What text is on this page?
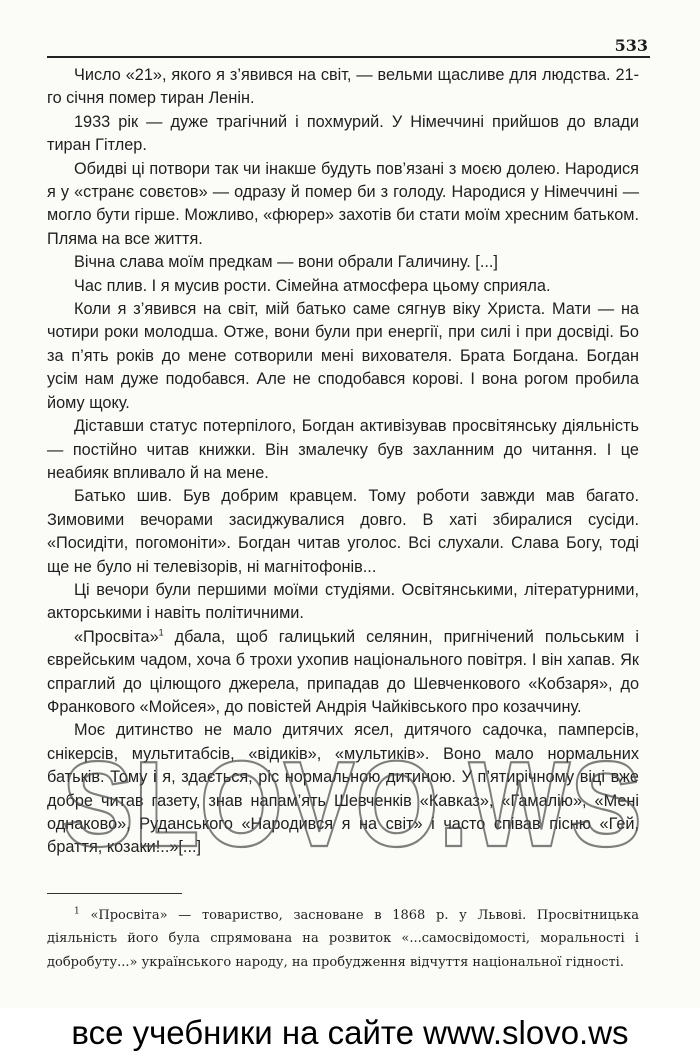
533

Число «21», якого я з’явився на світ, — вельми щасливе для людства. 21-го січня помер тиран Ленін.

1933 рік — дуже трагічний і похмурий. У Німеччині прийшов до влади тиран Гітлер.

Обидві ці потвори так чи інакше будуть пов’язані з моєю долею. Народися я у «странє совєтов» — одразу й помер би з голоду. Народися у Німеччині — могло бути гірше. Можливо, «фюрер» захотів би стати моїм хресним батьком. Пляма на все життя.

Вічна слава моїм предкам — вони обрали Галичину. [...]

Час плив. І я мусив рости. Сімейна атмосфера цьому сприяла.

Коли я з’явився на світ, мій батько саме сягнув віку Христа. Мати — на чотири роки молодша. Отже, вони були при енергії, при силі і при досвіді. Бо за п’ять років до мене сотворили мені вихователя. Брата Богдана. Богдан усім нам дуже подобався. Але не сподобався корові. І вона рогом пробила йому щоку.

Діставши статус потерпілого, Богдан активізував просвітянську діяльність — постійно читав книжки. Він змалечку був захланним до читання. І це неабияк впливало й на мене.

Батько шив. Був добрим кравцем. Тому роботи завжди мав багато. Зимовими вечорами засиджувалися довго. В хаті збиралися сусіди. «Посидіти, погомоніти». Богдан читав уголос. Всі слухали. Слава Богу, тоді ще не було ні телевізорів, ні магнітофонів...

Ці вечори були першими моїми студіями. Освітянськими, літературними, акторськими і навіть політичними.

«Просвіта»$^1$ дбала, щоб галицький селянин, пригнічений польським і єврейським чадом, хоча б трохи ухопив національного повітря. І він хапав. Як спраглий до цілющого джерела, припадав до Шевченкового «Кобзаря», до Франкового «Мойсея», до повістей Андрія Чайківського про козаччину.

Моє дитинство не мало дитячих ясел, дитячого садочка, памперсів, снікерсів, мультитабсів, «відиків», «мультиків». Воно мало нормальних батьків. Тому і я, здається, ріс нормальною дитиною. У п’ятирічному віці вже добре читав газету, знав напам’ять Шевченків «Кавказ», «Гамалію», «Мені однаково», Руданського «Народився я на світ» і часто співав пісню «Гей, браття, козаки!..»[...]

$^1$ «Просвіта» — товариство, засноване в 1868 р. у Львові. Просвітницька діяльність його була спрямована на розвиток «...самосвідомості, моральності і добробуту...» українського народу, на пробудження відчуття національної гідності.
SLOVO.WS
все учебники на сайте www.slovo.ws
